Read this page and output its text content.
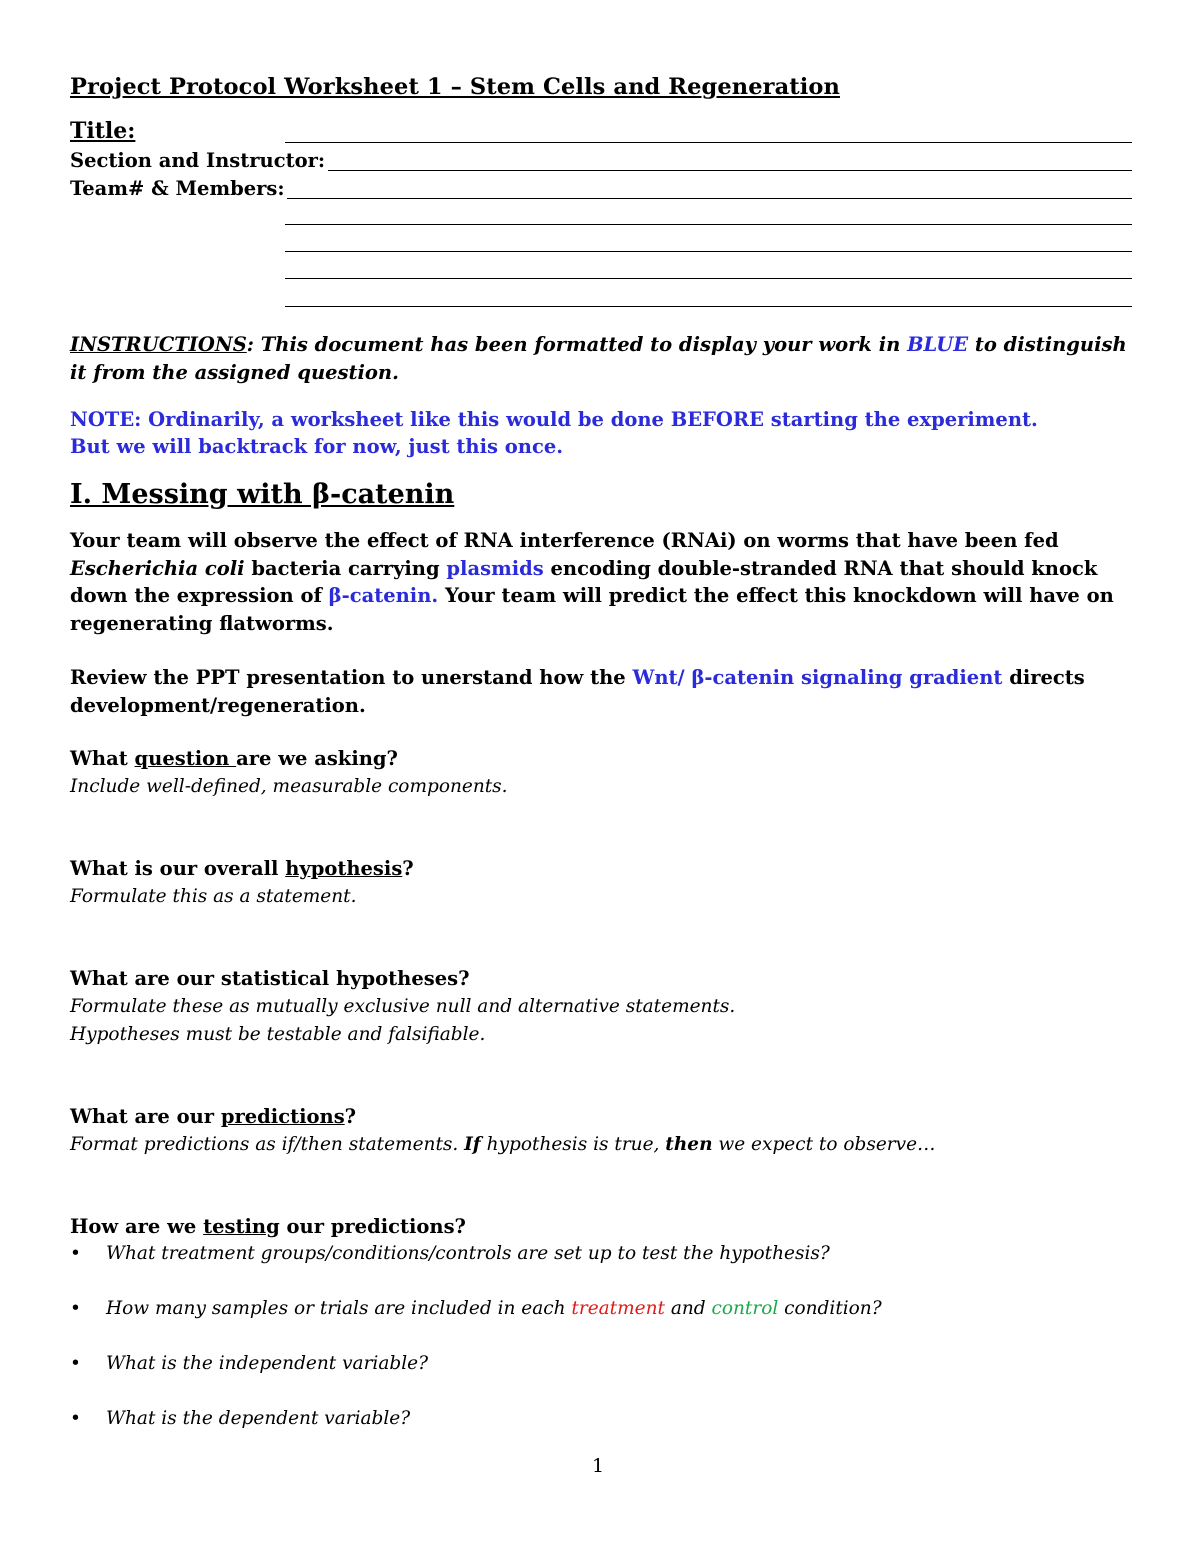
Project Protocol Worksheet 1 – Stem Cells and Regeneration
Title:
Section and Instructor:
Team# & Members:
INSTRUCTIONS: This document has been formatted to display your work in BLUE to distinguish it from the assigned question.
NOTE: Ordinarily, a worksheet like this would be done BEFORE starting the experiment.
But we will backtrack for now, just this once.
I. Messing with β-catenin
Your team will observe the effect of RNA interference (RNAi) on worms that have been fed Escherichia coli bacteria carrying plasmids encoding double-stranded RNA that should knock down the expression of β-catenin. Your team will predict the effect this knockdown will have on regenerating flatworms.
Review the PPT presentation to unerstand how the Wnt/ β-catenin signaling gradient directs development/regeneration.
What question are we asking?
Include well-defined, measurable components.
What is our overall hypothesis?
Formulate this as a statement.
What are our statistical hypotheses?
Formulate these as mutually exclusive null and alternative statements.
Hypotheses must be testable and falsifiable.
What are our predictions?
Format predictions as if/then statements. If hypothesis is true, then we expect to observe…
How are we testing our predictions?
• What treatment groups/conditions/controls are set up to test the hypothesis?
• How many samples or trials are included in each treatment and control condition?
• What is the independent variable?
• What is the dependent variable?
1
